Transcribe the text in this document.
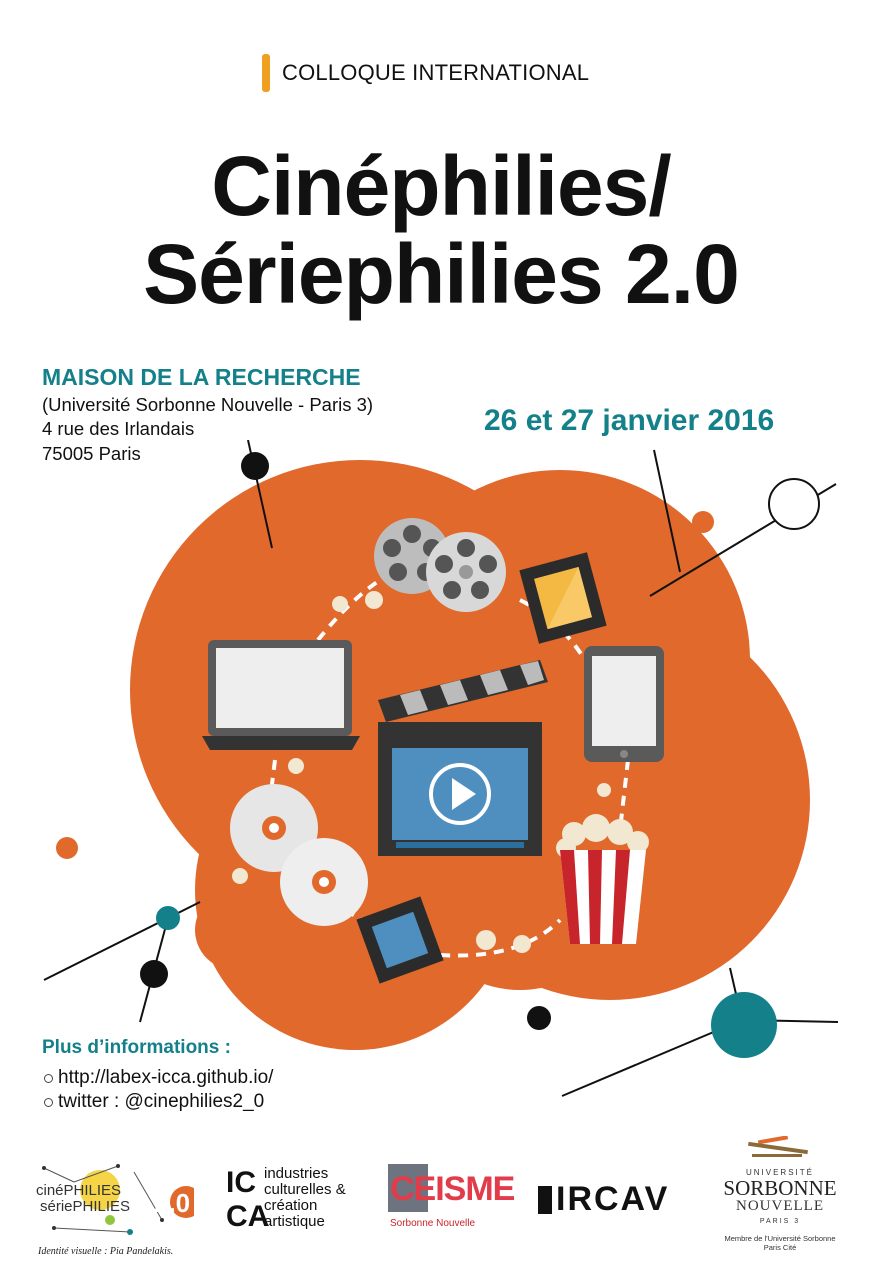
COLLOQUE INTERNATIONAL
Cinéphilies/
Sériephilies 2.0
MAISON DE LA RECHERCHE
(Université Sorbonne Nouvelle - Paris 3)
4 rue des Irlandais
75005 Paris
26 et 27 janvier 2016
Plus d’informations :
http://labex-icca.github.io/
twitter : @cinephilies2_0
cinéPHILIES
sériePHILIES 2.0
IC CA
industries
culturelles &
création
artistique
CEISME
Sorbonne Nouvelle
IRCAV
UNIVERSITÉ
SORBONNE
NOUVELLE
PARIS 3
Membre de l'Université Sorbonne
Paris Cité
Identité visuelle : Pia Pandelakis.
